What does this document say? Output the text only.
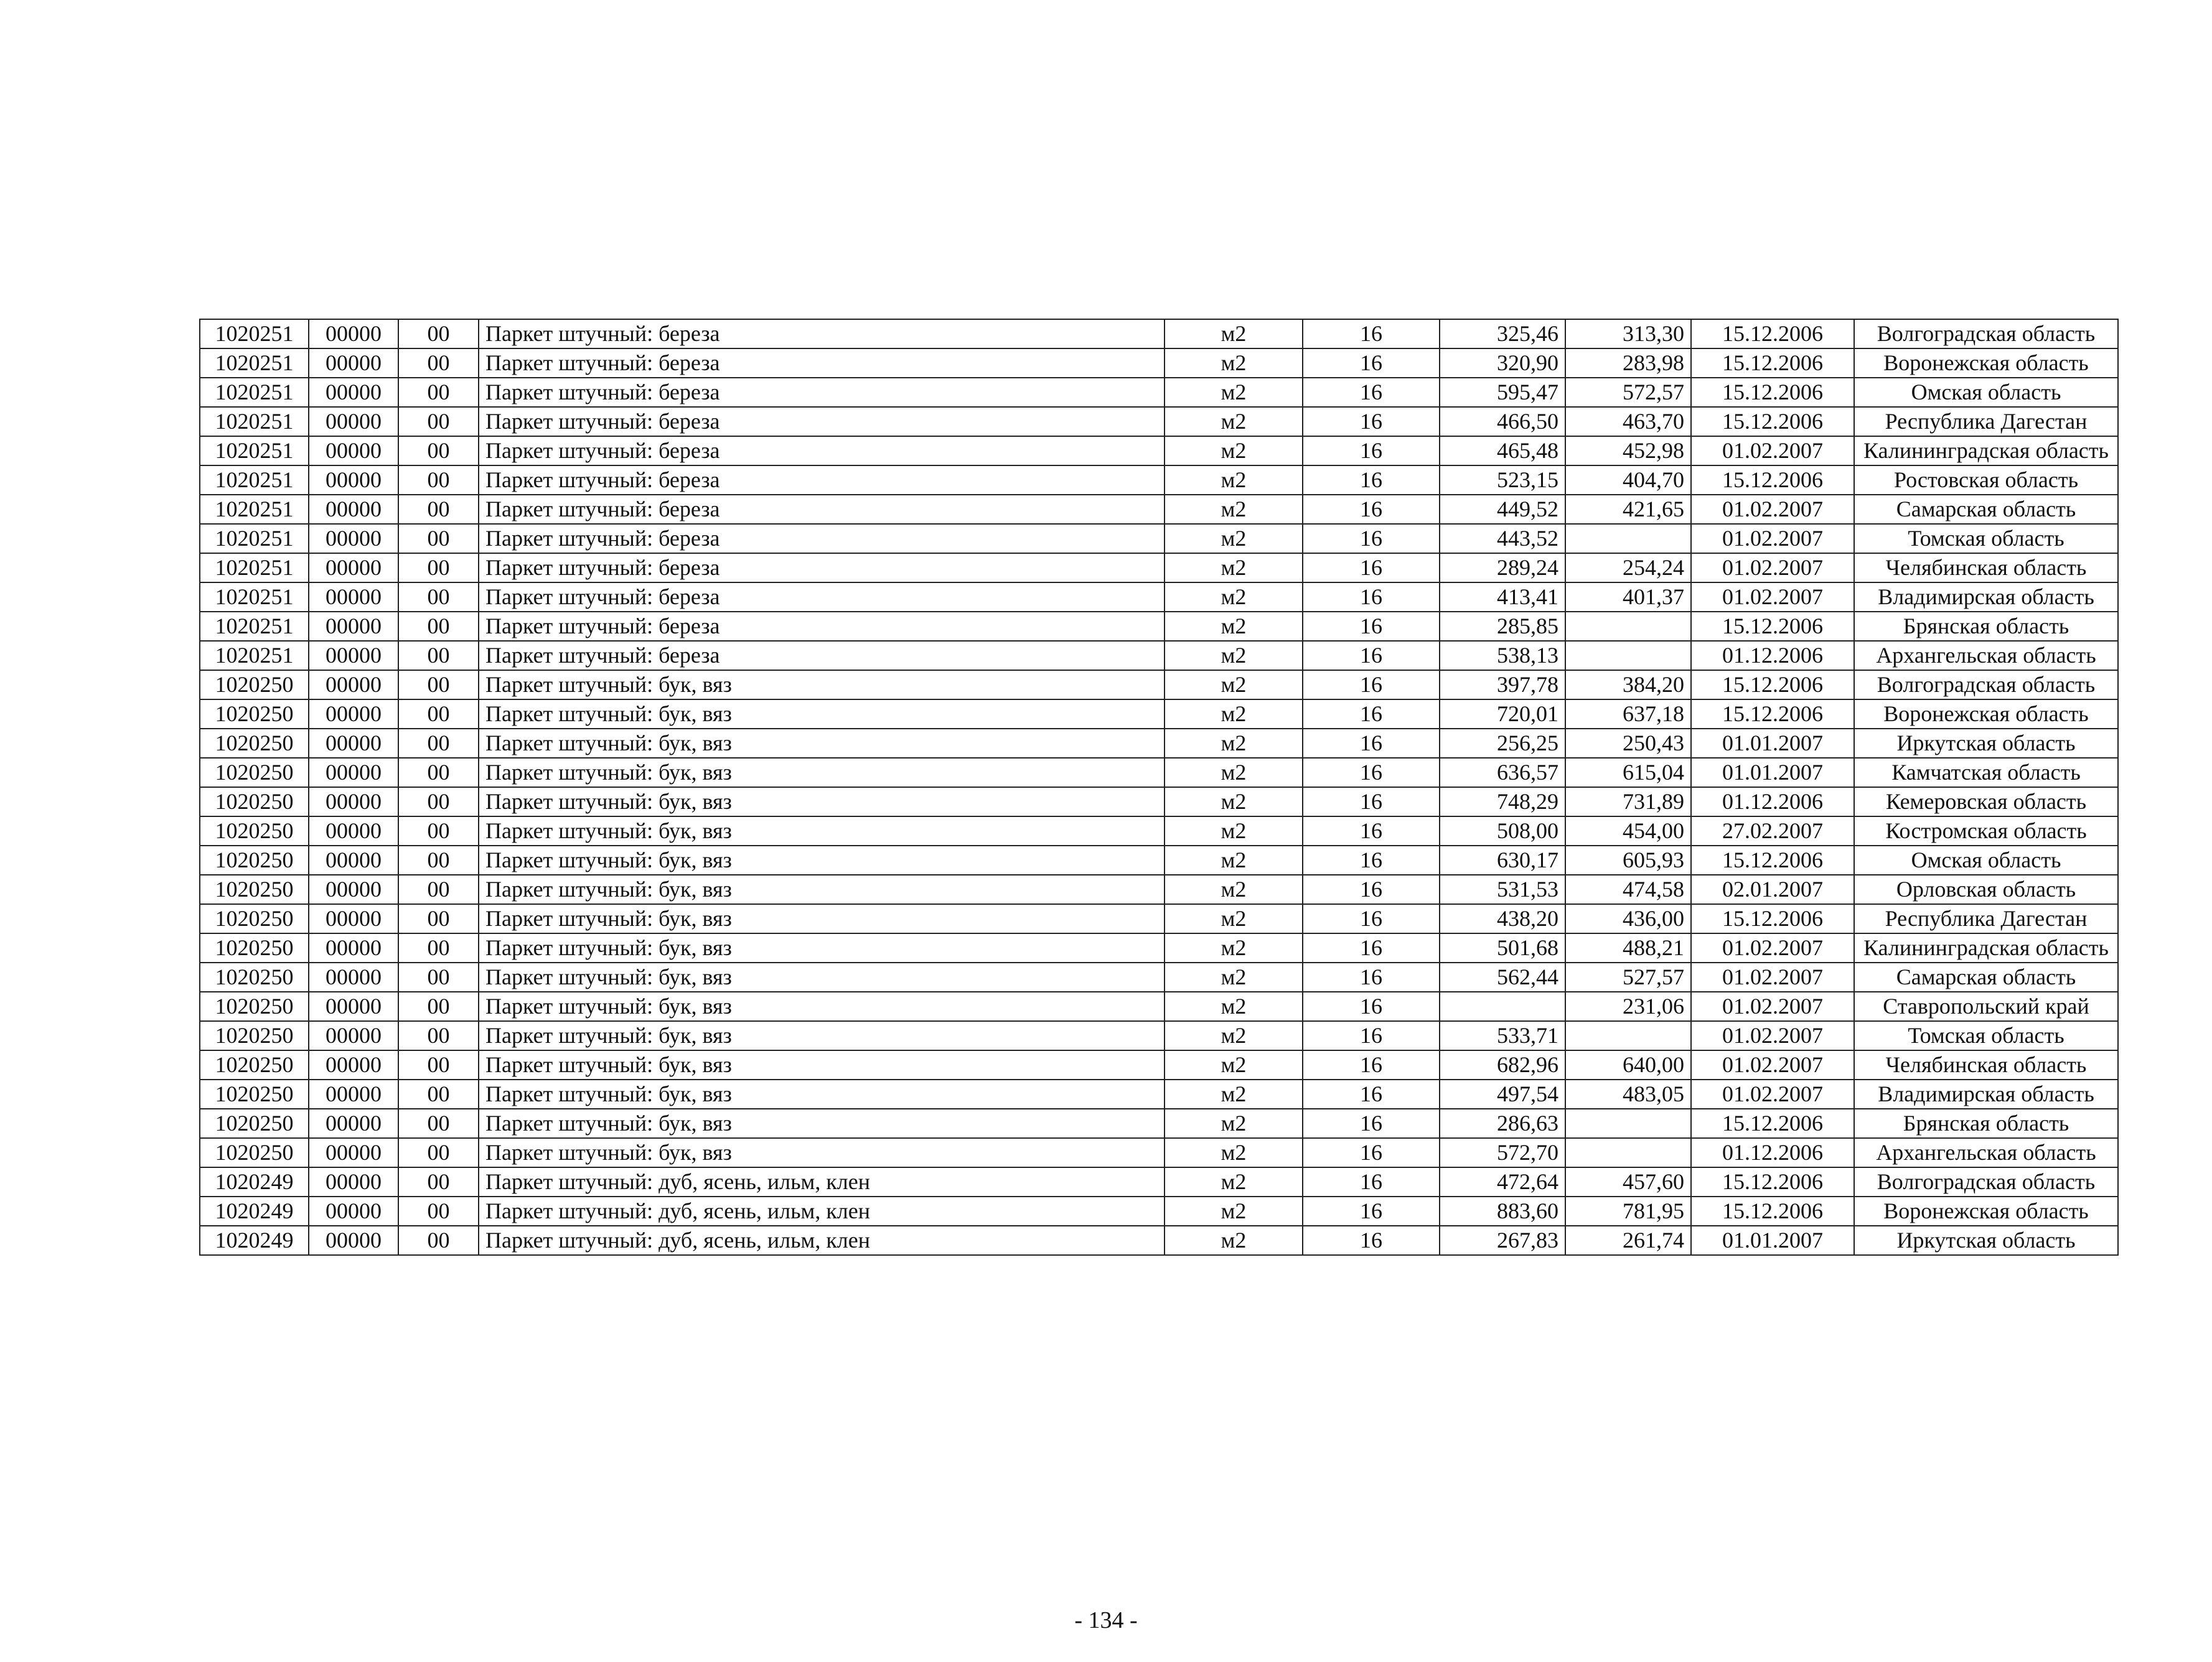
1020251	00000	00	Паркет штучный: береза	м2	16	325,46	313,30	15.12.2006	Волгоградская область
1020251	00000	00	Паркет штучный: береза	м2	16	320,90	283,98	15.12.2006	Воронежская область
1020251	00000	00	Паркет штучный: береза	м2	16	595,47	572,57	15.12.2006	Омская область
1020251	00000	00	Паркет штучный: береза	м2	16	466,50	463,70	15.12.2006	Республика Дагестан
1020251	00000	00	Паркет штучный: береза	м2	16	465,48	452,98	01.02.2007	Калининградская область
1020251	00000	00	Паркет штучный: береза	м2	16	523,15	404,70	15.12.2006	Ростовская область
1020251	00000	00	Паркет штучный: береза	м2	16	449,52	421,65	01.02.2007	Самарская область
1020251	00000	00	Паркет штучный: береза	м2	16	443,52		01.02.2007	Томская область
1020251	00000	00	Паркет штучный: береза	м2	16	289,24	254,24	01.02.2007	Челябинская область
1020251	00000	00	Паркет штучный: береза	м2	16	413,41	401,37	01.02.2007	Владимирская область
1020251	00000	00	Паркет штучный: береза	м2	16	285,85		15.12.2006	Брянская область
1020251	00000	00	Паркет штучный: береза	м2	16	538,13		01.12.2006	Архангельская область
1020250	00000	00	Паркет штучный: бук, вяз	м2	16	397,78	384,20	15.12.2006	Волгоградская область
1020250	00000	00	Паркет штучный: бук, вяз	м2	16	720,01	637,18	15.12.2006	Воронежская область
1020250	00000	00	Паркет штучный: бук, вяз	м2	16	256,25	250,43	01.01.2007	Иркутская область
1020250	00000	00	Паркет штучный: бук, вяз	м2	16	636,57	615,04	01.01.2007	Камчатская область
1020250	00000	00	Паркет штучный: бук, вяз	м2	16	748,29	731,89	01.12.2006	Кемеровская область
1020250	00000	00	Паркет штучный: бук, вяз	м2	16	508,00	454,00	27.02.2007	Костромская область
1020250	00000	00	Паркет штучный: бук, вяз	м2	16	630,17	605,93	15.12.2006	Омская область
1020250	00000	00	Паркет штучный: бук, вяз	м2	16	531,53	474,58	02.01.2007	Орловская область
1020250	00000	00	Паркет штучный: бук, вяз	м2	16	438,20	436,00	15.12.2006	Республика Дагестан
1020250	00000	00	Паркет штучный: бук, вяз	м2	16	501,68	488,21	01.02.2007	Калининградская область
1020250	00000	00	Паркет штучный: бук, вяз	м2	16	562,44	527,57	01.02.2007	Самарская область
1020250	00000	00	Паркет штучный: бук, вяз	м2	16		231,06	01.02.2007	Ставропольский край
1020250	00000	00	Паркет штучный: бук, вяз	м2	16	533,71		01.02.2007	Томская область
1020250	00000	00	Паркет штучный: бук, вяз	м2	16	682,96	640,00	01.02.2007	Челябинская область
1020250	00000	00	Паркет штучный: бук, вяз	м2	16	497,54	483,05	01.02.2007	Владимирская область
1020250	00000	00	Паркет штучный: бук, вяз	м2	16	286,63		15.12.2006	Брянская область
1020250	00000	00	Паркет штучный: бук, вяз	м2	16	572,70		01.12.2006	Архангельская область
1020249	00000	00	Паркет штучный: дуб, ясень, ильм, клен	м2	16	472,64	457,60	15.12.2006	Волгоградская область
1020249	00000	00	Паркет штучный: дуб, ясень, ильм, клен	м2	16	883,60	781,95	15.12.2006	Воронежская область
1020249	00000	00	Паркет штучный: дуб, ясень, ильм, клен	м2	16	267,83	261,74	01.01.2007	Иркутская область
- 134 -
